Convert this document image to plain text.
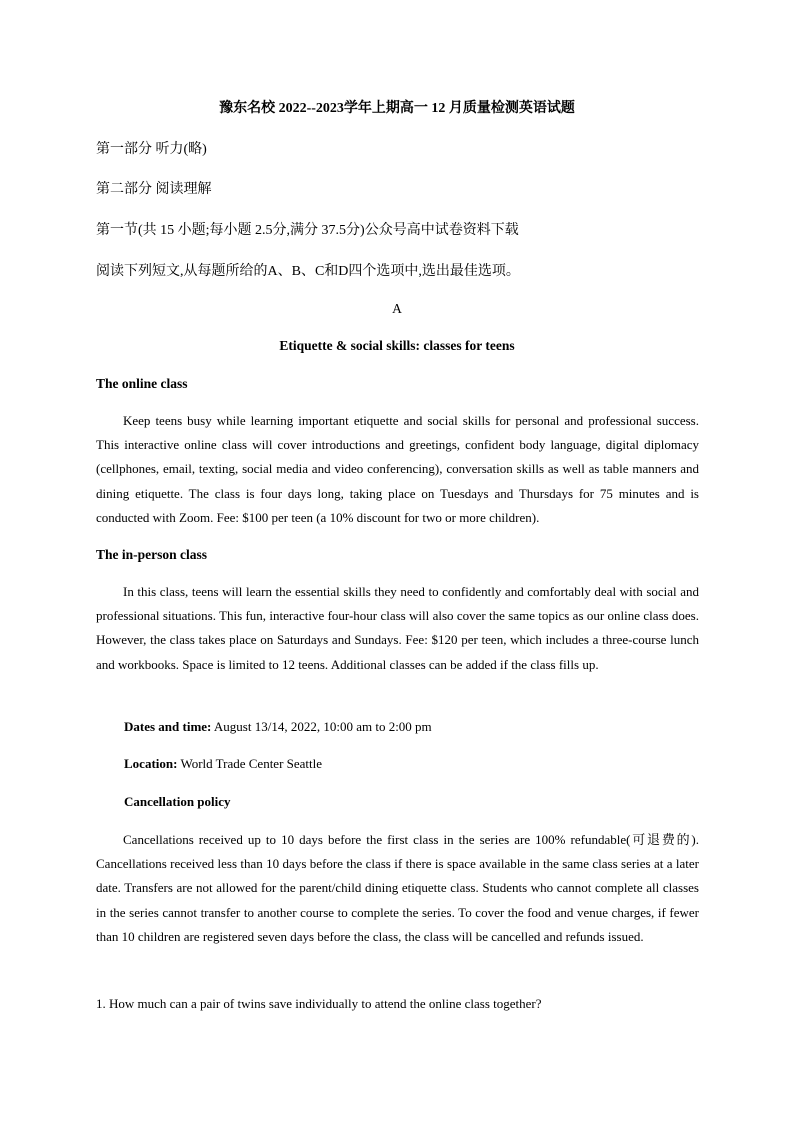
豫东名校 2022--2023学年上期高一 12 月质量检测英语试题
第一部分 听力(略)
第二部分 阅读理解
第一节(共 15 小题;每小题 2.5分,满分 37.5分)公众号高中试卷资料下载
阅读下列短文,从每题所给的A、B、C和D四个选项中,选出最佳选项。
A
Etiquette & social skills: classes for teens
The online class

Keep teens busy while learning important etiquette and social skills for personal and professional success. This interactive online class will cover introductions and greetings, confident body language, digital diplomacy (cellphones, email, texting, social media and video conferencing), conversation skills as well as table manners and dining etiquette. The class is four days long, taking place on Tuesdays and Thursdays for 75 minutes and is conducted with Zoom. Fee: $100 per teen (a 10% discount for two or more children).

The in-person class

In this class, teens will learn the essential skills they need to confidently and comfortably deal with social and professional situations. This fun, interactive four-hour class will also cover the same topics as our online class does. However, the class takes place on Saturdays and Sundays. Fee: $120 per teen, which includes a three-course lunch and workbooks. Space is limited to 12 teens. Additional classes can be added if the class fills up.

Dates and time: August 13/14, 2022, 10:00 am to 2:00 pm
Location: World Trade Center Seattle
Cancellation policy

Cancellations received up to 10 days before the first class in the series are 100% refundable(可退费的). Cancellations received less than 10 days before the class if there is space available in the same class series at a later date. Transfers are not allowed for the parent/child dining etiquette class. Students who cannot complete all classes in the series cannot transfer to another course to complete the series. To cover the food and venue charges, if fewer than 10 children are registered seven days before the class, the class will be cancelled and refunds issued.

1. How much can a pair of twins save individually to attend the online class together?
